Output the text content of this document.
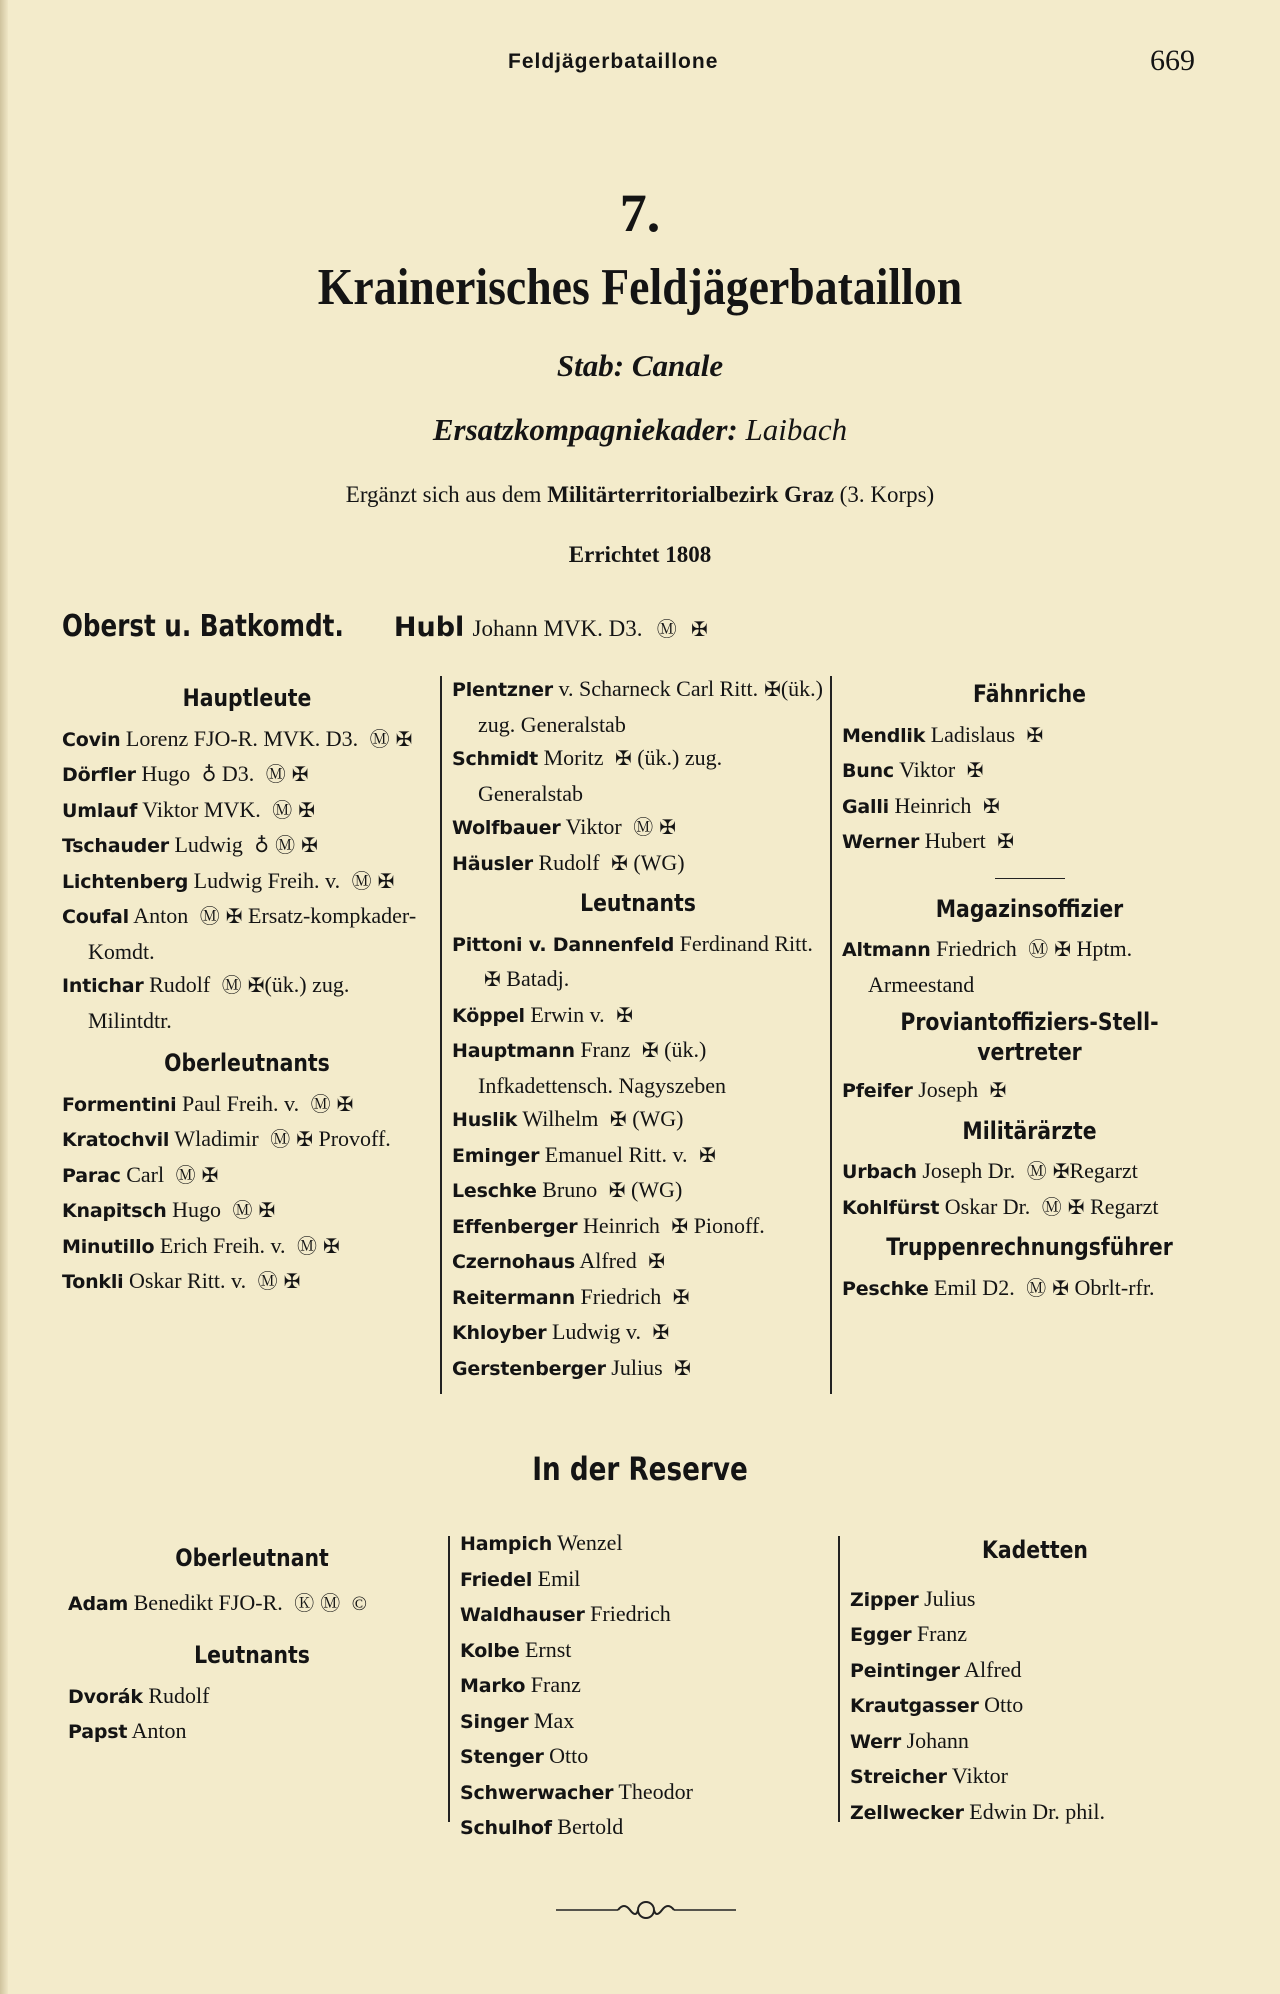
Feldjägerbataillone	669
7.
Krainerisches Feldjägerbataillon
Stab: Canale
Ersatzkompagniekader: Laibach
Ergänzt sich aus dem Militärterritorialbezirk Graz (3. Korps)
Errichtet 1808
Oberst u. Batkomdt. Hubl Johann MVK. D3. Ⓜ ✠
Hauptleute
Covin Lorenz FJO-R. MVK. D3. Ⓜ ✠
Dörfler Hugo ♁ D3. Ⓜ ✠
Umlauf Viktor MVK. Ⓜ ✠
Tschauder Ludwig ♁ Ⓜ ✠
Lichtenberg Ludwig Freih. v. Ⓜ ✠
Coufal Anton Ⓜ ✠ Ersatz-kompkader-Komdt.
Intichar Rudolf Ⓜ ✠(ük.) zug. Milintdtr.
Oberleutnants
Formentini Paul Freih. v. Ⓜ ✠
Kratochvil Wladimir Ⓜ ✠ Provoff.
Parac Carl Ⓜ ✠
Knapitsch Hugo Ⓜ ✠
Minutillo Erich Freih. v. Ⓜ ✠
Tonkli Oskar Ritt. v. Ⓜ ✠
Plentzner v. Scharneck Carl Ritt. ✠(ük.) zug. Generalstab
Schmidt Moritz ✠ (ük.) zug. Generalstab
Wolfbauer Viktor Ⓜ ✠
Häusler Rudolf ✠ (WG)
Leutnants
Pittoni v. Dannenfeld Ferdinand Ritt. ✠ Batadj.
Köppel Erwin v. ✠
Hauptmann Franz ✠ (ük.) Infkadettensch. Nagyszeben
Huslik Wilhelm ✠ (WG)
Eminger Emanuel Ritt. v. ✠
Leschke Bruno ✠ (WG)
Effenberger Heinrich ✠ Pionoff.
Czernohaus Alfred ✠
Reitermann Friedrich ✠
Khloyber Ludwig v. ✠
Gerstenberger Julius ✠
Fähnriche
Mendlik Ladislaus ✠
Bunc Viktor ✠
Galli Heinrich ✠
Werner Hubert ✠
Magazinsoffizier
Altmann Friedrich Ⓜ ✠ Hptm. Armeestand
Proviantoffiziers-Stell-vertreter
Pfeifer Joseph ✠
Militärärzte
Urbach Joseph Dr. Ⓜ ✠Regarzt
Kohlfürst Oskar Dr. Ⓜ ✠ Regarzt
Truppenrechnungsführer
Peschke Emil D2. Ⓜ ✠ Obrlt-rfr.
In der Reserve
Oberleutnant
Adam Benedikt FJO-R. Ⓚ Ⓜ ©
Leutnants
Dvorák Rudolf
Papst Anton
Hampich Wenzel
Friedel Emil
Waldhauser Friedrich
Kolbe Ernst
Marko Franz
Singer Max
Stenger Otto
Schwerwacher Theodor
Schulhof Bertold
Kadetten
Zipper Julius
Egger Franz
Peintinger Alfred
Krautgasser Otto
Werr Johann
Streicher Viktor
Zellwecker Edwin Dr. phil.
